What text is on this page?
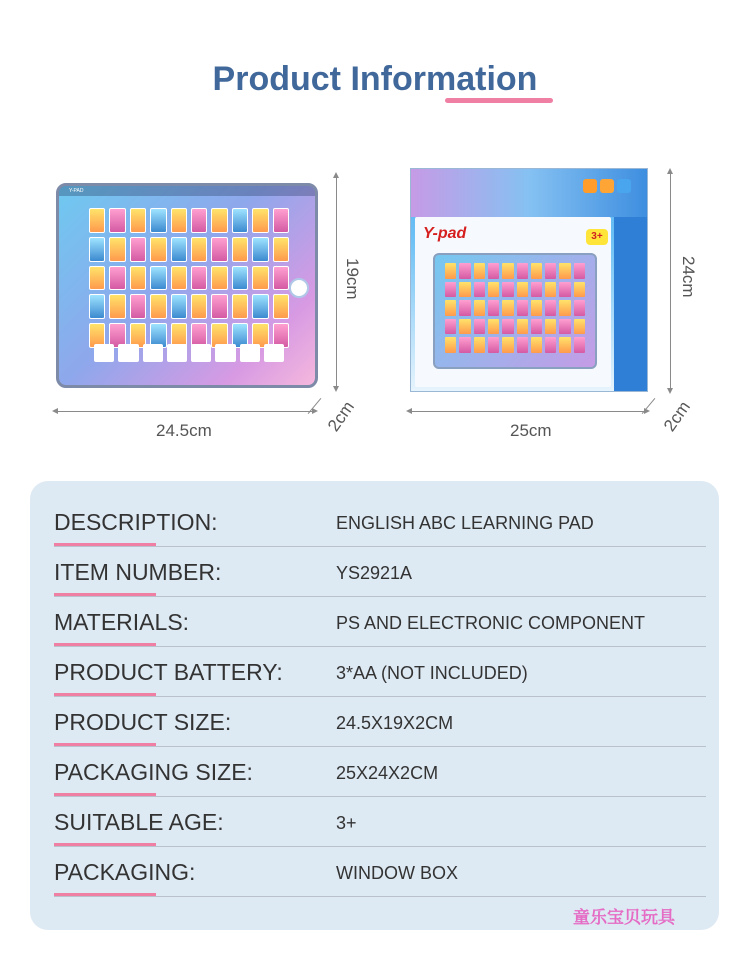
Product Information
Y-PAD
24.5cm
19cm
2cm
Y-pad	3+
25cm
24cm
2cm
DESCRIPTION:	ENGLISH ABC LEARNING PAD
ITEM NUMBER:	YS2921A
MATERIALS:	PS AND ELECTRONIC COMPONENT
PRODUCT BATTERY:	3*AA (NOT INCLUDED)
PRODUCT SIZE:	24.5X19X2CM
PACKAGING SIZE:	25X24X2CM
SUITABLE AGE:	3+
PACKAGING:	WINDOW BOX
童乐宝贝玩具
